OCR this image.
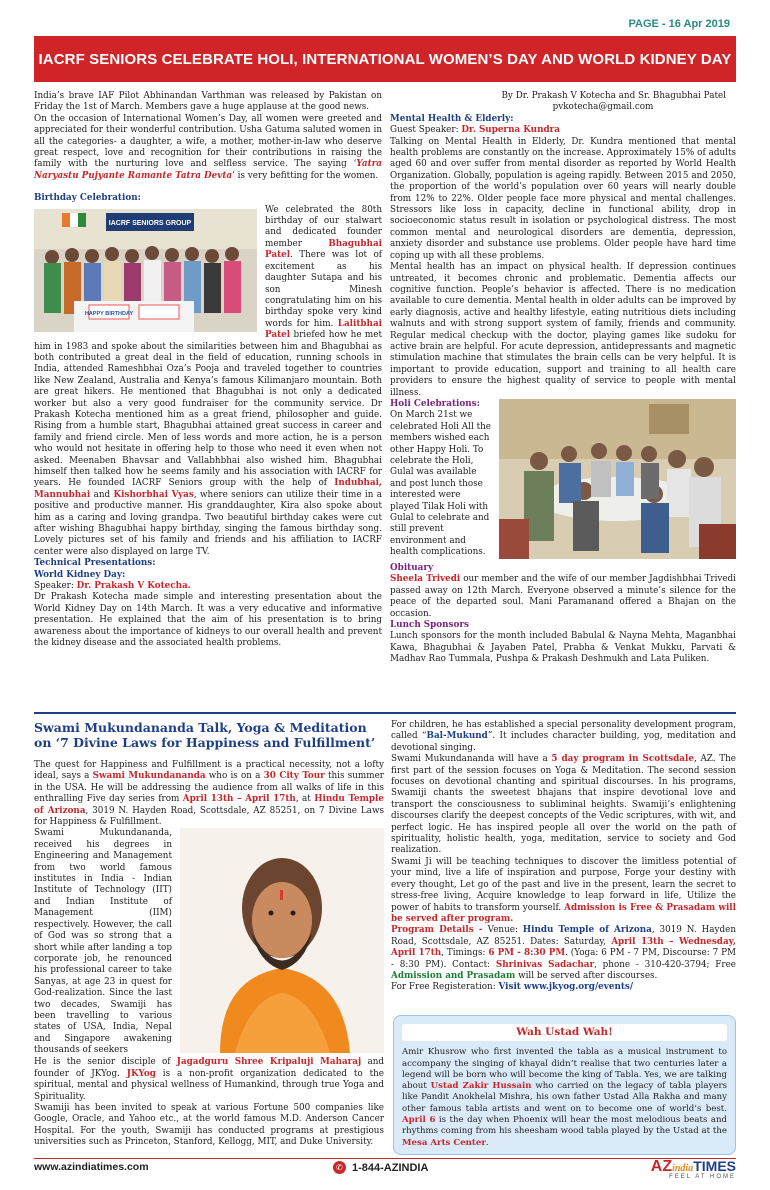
PAGE - 16 Apr 2019
IACRF SENIORS CELEBRATE HOLI, INTERNATIONAL WOMEN’S DAY AND WORLD KIDNEY DAY

India’s brave IAF Pilot Abhinandan Varthman was released by Pakistan on Friday the 1st of March. Members gave a huge applause at the good news.

On the occasion of International Women’s Day, all women were greeted and appreciated for their wonderful contribution. Usha Gatuma saluted women in all the categories- a daughter, a wife, a mother, mother-in-law who deserve great respect, love and recognition for their contributions in raising the family with the nurturing love and selfless service. The saying ‘Yatra Naryastu Pujyante Ramante Tatra Devta’ is very befitting for the women.

Birthday Celebration:

IACRF SENIORS GROUP
HAPPY BIRTHDAY

We celebrated the 80th birthday of our stalwart and dedicated founder member Bhagubhai Patel. There was lot of excitement as his daughter Sutapa and his son Minesh congratulating him on his birthday spoke very kind words for him. Lalitbhai Patel briefed how he met him in 1983 and spoke about the similarities between him and Bhagubhai as both contributed a great deal in the field of education, running schools in India, attended Rameshbhai Oza’s Pooja and traveled together to countries like New Zealand, Australia and Kenya’s famous Kilimanjaro mountain. Both are great hikers. He mentioned that Bhagubhai is not only a dedicated worker but also a very good fundraiser for the community service. Dr Prakash Kotecha mentioned him as a great friend, philosopher and guide. Rising from a humble start, Bhagubhai attained great success in career and family and friend circle. Men of less words and more action, he is a person who would not hesitate in offering help to those who need it even when not asked. Meenaben Bhavsar and Vallabhbhai also wished him. Bhagubhai himself then talked how he seems family and his association with IACRF for years. He founded IACRF Seniors group with the help of Indubhai, Mannubhai and Kishorbhai Vyas, where seniors can utilize their time in a positive and productive manner. His granddaughter, Kira also spoke about him as a caring and loving grandpa. Two beautiful birthday cakes were cut after wishing Bhagubhai happy birthday, singing the famous birthday song. Lovely pictures set of his family and friends and his affiliation to IACRF center were also displayed on large TV.

Technical Presentations:

World Kidney Day:

Speaker: Dr. Prakash V Kotecha.

Dr Prakash Kotecha made simple and interesting presentation about the World Kidney Day on 14th March. It was a very educative and informative presentation. He explained that the aim of his presentation is to bring awareness about the importance of kidneys to our overall health and prevent the kidney disease and the associated health problems.

By Dr. Prakash V Kotecha and Sr. Bhagubhai Patel

pvkotecha@gmail.com

Mental Health & Elderly:

Guest Speaker: Dr. Superna Kundra

Talking on Mental Health in Elderly, Dr. Kundra mentioned that mental health problems are constantly on the increase. Approximately 15% of adults aged 60 and over suffer from mental disorder as reported by World Health Organization. Globally, population is ageing rapidly. Between 2015 and 2050, the proportion of the world’s population over 60 years will nearly double from 12% to 22%. Older people face more physical and mental challenges. Stressors like loss in capacity, decline in functional ability, drop in socioeconomic status result in isolation or psychological distress. The most common mental and neurological disorders are dementia, depression, anxiety disorder and substance use problems. Older people have hard time coping up with all these problems.

Mental health has an impact on physical health. If depression continues untreated, it becomes chronic and problematic. Dementia affects our cognitive function. People’s behavior is affected. There is no medication available to cure dementia. Mental health in older adults can be improved by early diagnosis, active and healthy lifestyle, eating nutritious diets including walnuts and with strong support system of family, friends and community. Regular medical checkup with the doctor, playing games like sudoku for active brain are helpful. For acute depression, antidepressants and magnetic stimulation machine that stimulates the brain cells can be very helpful. It is important to provide education, support and training to all health care providers to ensure the highest quality of service to people with mental illness.

Holi Celebrations:

On March 21st we celebrated Holi All the members wished each other Happy Holi. To celebrate the Holi, Gulal was available and post lunch those interested were played Tilak Holi with Gulal to celebrate and still prevent environment and health complications.

Obituary

Sheela Trivedi our member and the wife of our member Jagdishbhai Trivedi passed away on 12th March. Everyone observed a minute’s silence for the peace of the departed soul. Mani Paramanand offered a Bhajan on the occasion.

Lunch Sponsors

Lunch sponsors for the month included Babulal & Nayna Mehta, Maganbhai Kawa, Bhagubhai & Jayaben Patel, Prabha & Venkat Mukku, Parvati & Madhav Rao Tummala, Pushpa & Prakash Deshmukh and Lata Puliken.

Swami Mukundananda Talk, Yoga & Meditation on ‘7 Divine Laws for Happiness and Fulfillment’

The quest for Happiness and Fulfillment is a practical necessity, not a lofty ideal, says a Swami Mukundananda who is on a 30 City Tour this summer in the USA. He will be addressing the audience from all walks of life in this enthralling Five day series from April 13th – April 17th, at Hindu Temple of Arizona, 3019 N. Hayden Road, Scottsdale, AZ 85251, on 7 Divine Laws for Happiness & Fulfillment.

Swami Mukundananda, received his degrees in Engineering and Management from two world famous institutes in India - Indian Institute of Technology (IIT) and Indian Institute of Management (IIM) respectively. However, the call of God was so strong that a short while after landing a top corporate job, he renounced his professional career to take Sanyas, at age 23 in quest for God-realization. Since the last two decades, Swamiji has been travelling to various states of USA, India, Nepal and Singapore awakening thousands of seekers

He is the senior disciple of Jagadguru Shree Kripaluji Maharaj and founder of JKYog. JKYog is a non-profit organization dedicated to the spiritual, mental and physical wellness of Humankind, through true Yoga and Spirituality.

Swamiji has been invited to speak at various Fortune 500 companies like Google, Oracle, and Yahoo etc., at the world famous M.D. Anderson Cancer Hospital. For the youth, Swamiji has conducted programs at prestigious universities such as Princeton, Stanford, Kellogg, MIT, and Duke University.

For children, he has established a special personality development program, called “Bal-Mukund”. It includes character building, yog, meditation and devotional singing.

Swami Mukundananda will have a 5 day program in Scottsdale, AZ. The first part of the session focuses on Yoga & Meditation. The second session focuses on devotional chanting and spiritual discourses. In his programs, Swamiji chants the sweetest bhajans that inspire devotional love and transport the consciousness to subliminal heights. Swamiji’s enlightening discourses clarify the deepest concepts of the Vedic scriptures, with wit, and perfect logic. He has inspired people all over the world on the path of spirituality, holistic health, yoga, meditation, service to society and God realization.

Swami Ji will be teaching techniques to discover the limitless potential of your mind, live a life of inspiration and purpose, Forge your destiny with every thought, Let go of the past and live in the present, learn the secret to stress-free living, Acquire knowledge to leap forward in life, Utilize the power of habits to transform yourself. Admission is Free & Prasadam will be served after program.

Program Details - Venue: Hindu Temple of Arizona, 3019 N. Hayden Road, Scottsdale, AZ 85251. Dates: Saturday, April 13th – Wednesday, April 17th, Timings: 6 PM - 8:30 PM. (Yoga: 6 PM - 7 PM, Discourse: 7 PM - 8:30 PM). Contact: Shrinivas Sadachar, phone - 310-420-3794; Free Admission and Prasadam will be served after discourses.

For Free Registeration: Visit www.jkyog.org/events/

Wah Ustad Wah!

Amir Khusrow who first invented the tabla as a musical instrument to accompany the singing of khayal didn’t realise that two centuries later a legend will be born who will become the king of Tabla. Yes, we are talking about Ustad Zakir Hussain who carried on the legacy of tabla players like Pandit Anokhelal Mishra, his own father Ustad Alla Rakha and many other famous tabla artists and went on to become one of world’s best. April 6 is the day when Phoenix will hear the most melodious beats and rhythms coming from his sheesham wood tabla played by the Ustad at the Mesa Arts Center.

www.azindiatimes.com	✆ 1-844-AZINDIA	AZindiaTIMES
FEEL AT HOME
